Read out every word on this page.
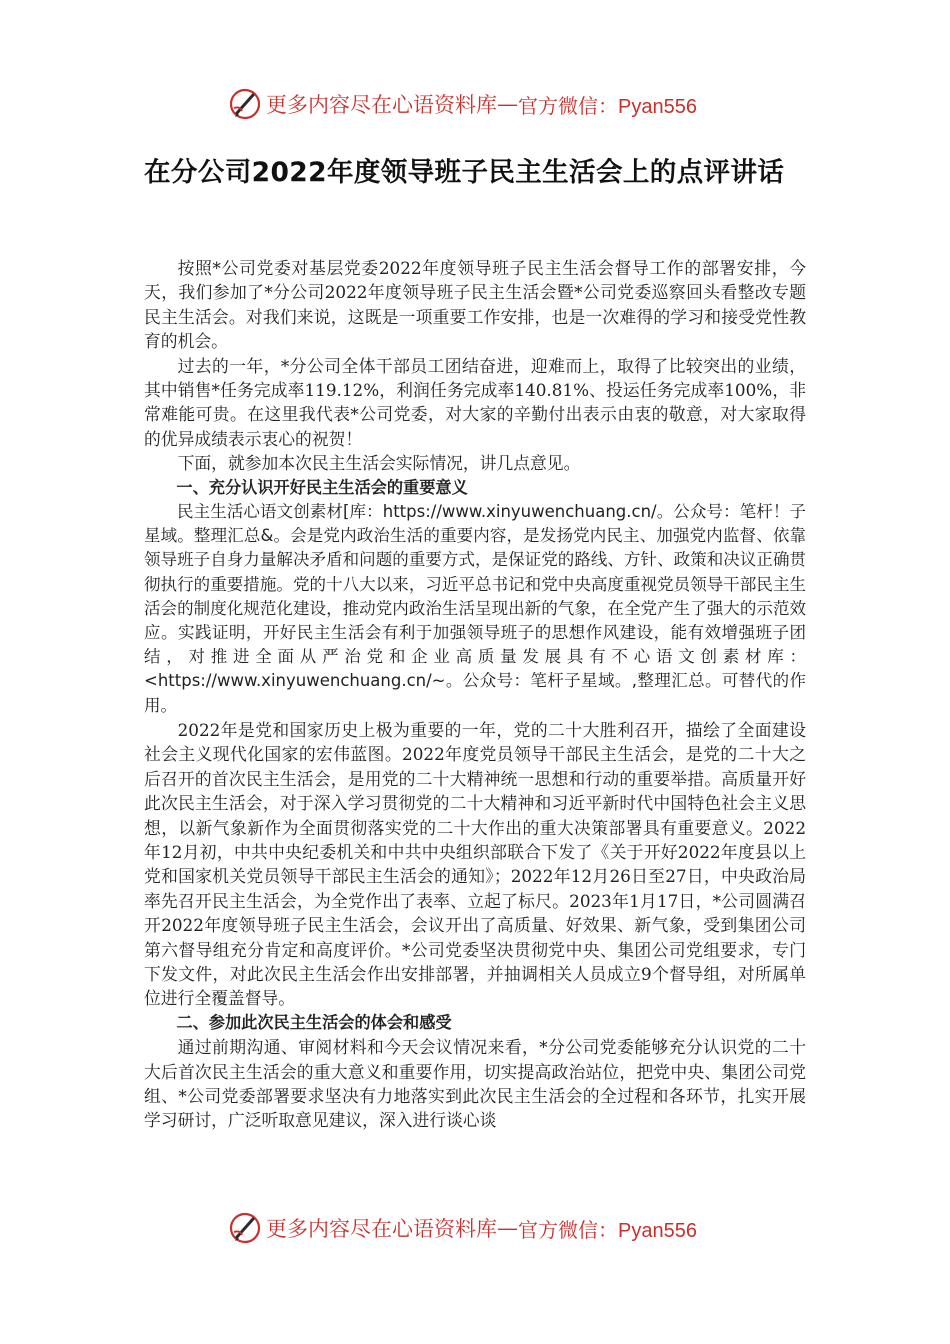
更多内容尽在心语资料库 — 官方微信：Pyan556
在分公司2022年度领导班子民主生活会上的点评讲话

按照*公司党委对基层党委2022年度领导班子民主生活会督导工作的部署安排，今天，我们参加了*分公司2022年度领导班子民主生活会暨*公司党委巡察回头看整改专题民主生活会。对我们来说，这既是一项重要工作安排，也是一次难得的学习和接受党性教育的机会。

过去的一年，*分公司全体干部员工团结奋进，迎难而上，取得了比较突出的业绩，其中销售*任务完成率119.12%，利润任务完成率140.81%、投运任务完成率100%，非常难能可贵。在这里我代表*公司党委，对大家的辛勤付出表示由衷的敬意，对大家取得的优异成绩表示衷心的祝贺！

下面，就参加本次民主生活会实际情况，讲几点意见。

一、充分认识开好民主生活会的重要意义

民主生活心语文创素材[库：https://www.xinyuwenchuang.cn/。公众号：笔杆！子星域。整理汇总&。会是党内政治生活的重要内容，是发扬党内民主、加强党内监督、依靠领导班子自身力量解决矛盾和问题的重要方式，是保证党的路线、方针、政策和决议正确贯彻执行的重要措施。党的十八大以来，习近平总书记和党中央高度重视党员领导干部民主生活会的制度化规范化建设，推动党内政治生活呈现出新的气象，在全党产生了强大的示范效应。实践证明，开好民主生活会有利于加强领导班子的思想作风建设，能有效增强班子团结，对推进全面从严治党和企业高质量发展具有不心语文创素材库：<https://www.xinyuwenchuang.cn/~。公众号：笔杆子星域。,整理汇总。可替代的作用。

2022年是党和国家历史上极为重要的一年，党的二十大胜利召开，描绘了全面建设社会主义现代化国家的宏伟蓝图。2022年度党员领导干部民主生活会，是党的二十大之后召开的首次民主生活会，是用党的二十大精神统一思想和行动的重要举措。高质量开好此次民主生活会，对于深入学习贯彻党的二十大精神和习近平新时代中国特色社会主义思想，以新气象新作为全面贯彻落实党的二十大作出的重大决策部署具有重要意义。2022年12月初，中共中央纪委机关和中共中央组织部联合下发了《关于开好2022年度县以上党和国家机关党员领导干部民主生活会的通知》；2022年12月26日至27日，中央政治局率先召开民主生活会，为全党作出了表率、立起了标尺。2023年1月17日，*公司圆满召开2022年度领导班子民主生活会，会议开出了高质量、好效果、新气象，受到集团公司第六督导组充分肯定和高度评价。*公司党委坚决贯彻党中央、集团公司党组要求，专门下发文件，对此次民主生活会作出安排部署，并抽调相关人员成立9个督导组，对所属单位进行全覆盖督导。

二、参加此次民主生活会的体会和感受

通过前期沟通、审阅材料和今天会议情况来看，*分公司党委能够充分认识党的二十大后首次民主生活会的重大意义和重要作用，切实提高政治站位，把党中央、集团公司党组、*公司党委部署要求坚决有力地落实到此次民主生活会的全过程和各环节，扎实开展学习研讨，广泛听取意见建议，深入进行谈心谈

更多内容尽在心语资料库 — 官方微信：Pyan556
